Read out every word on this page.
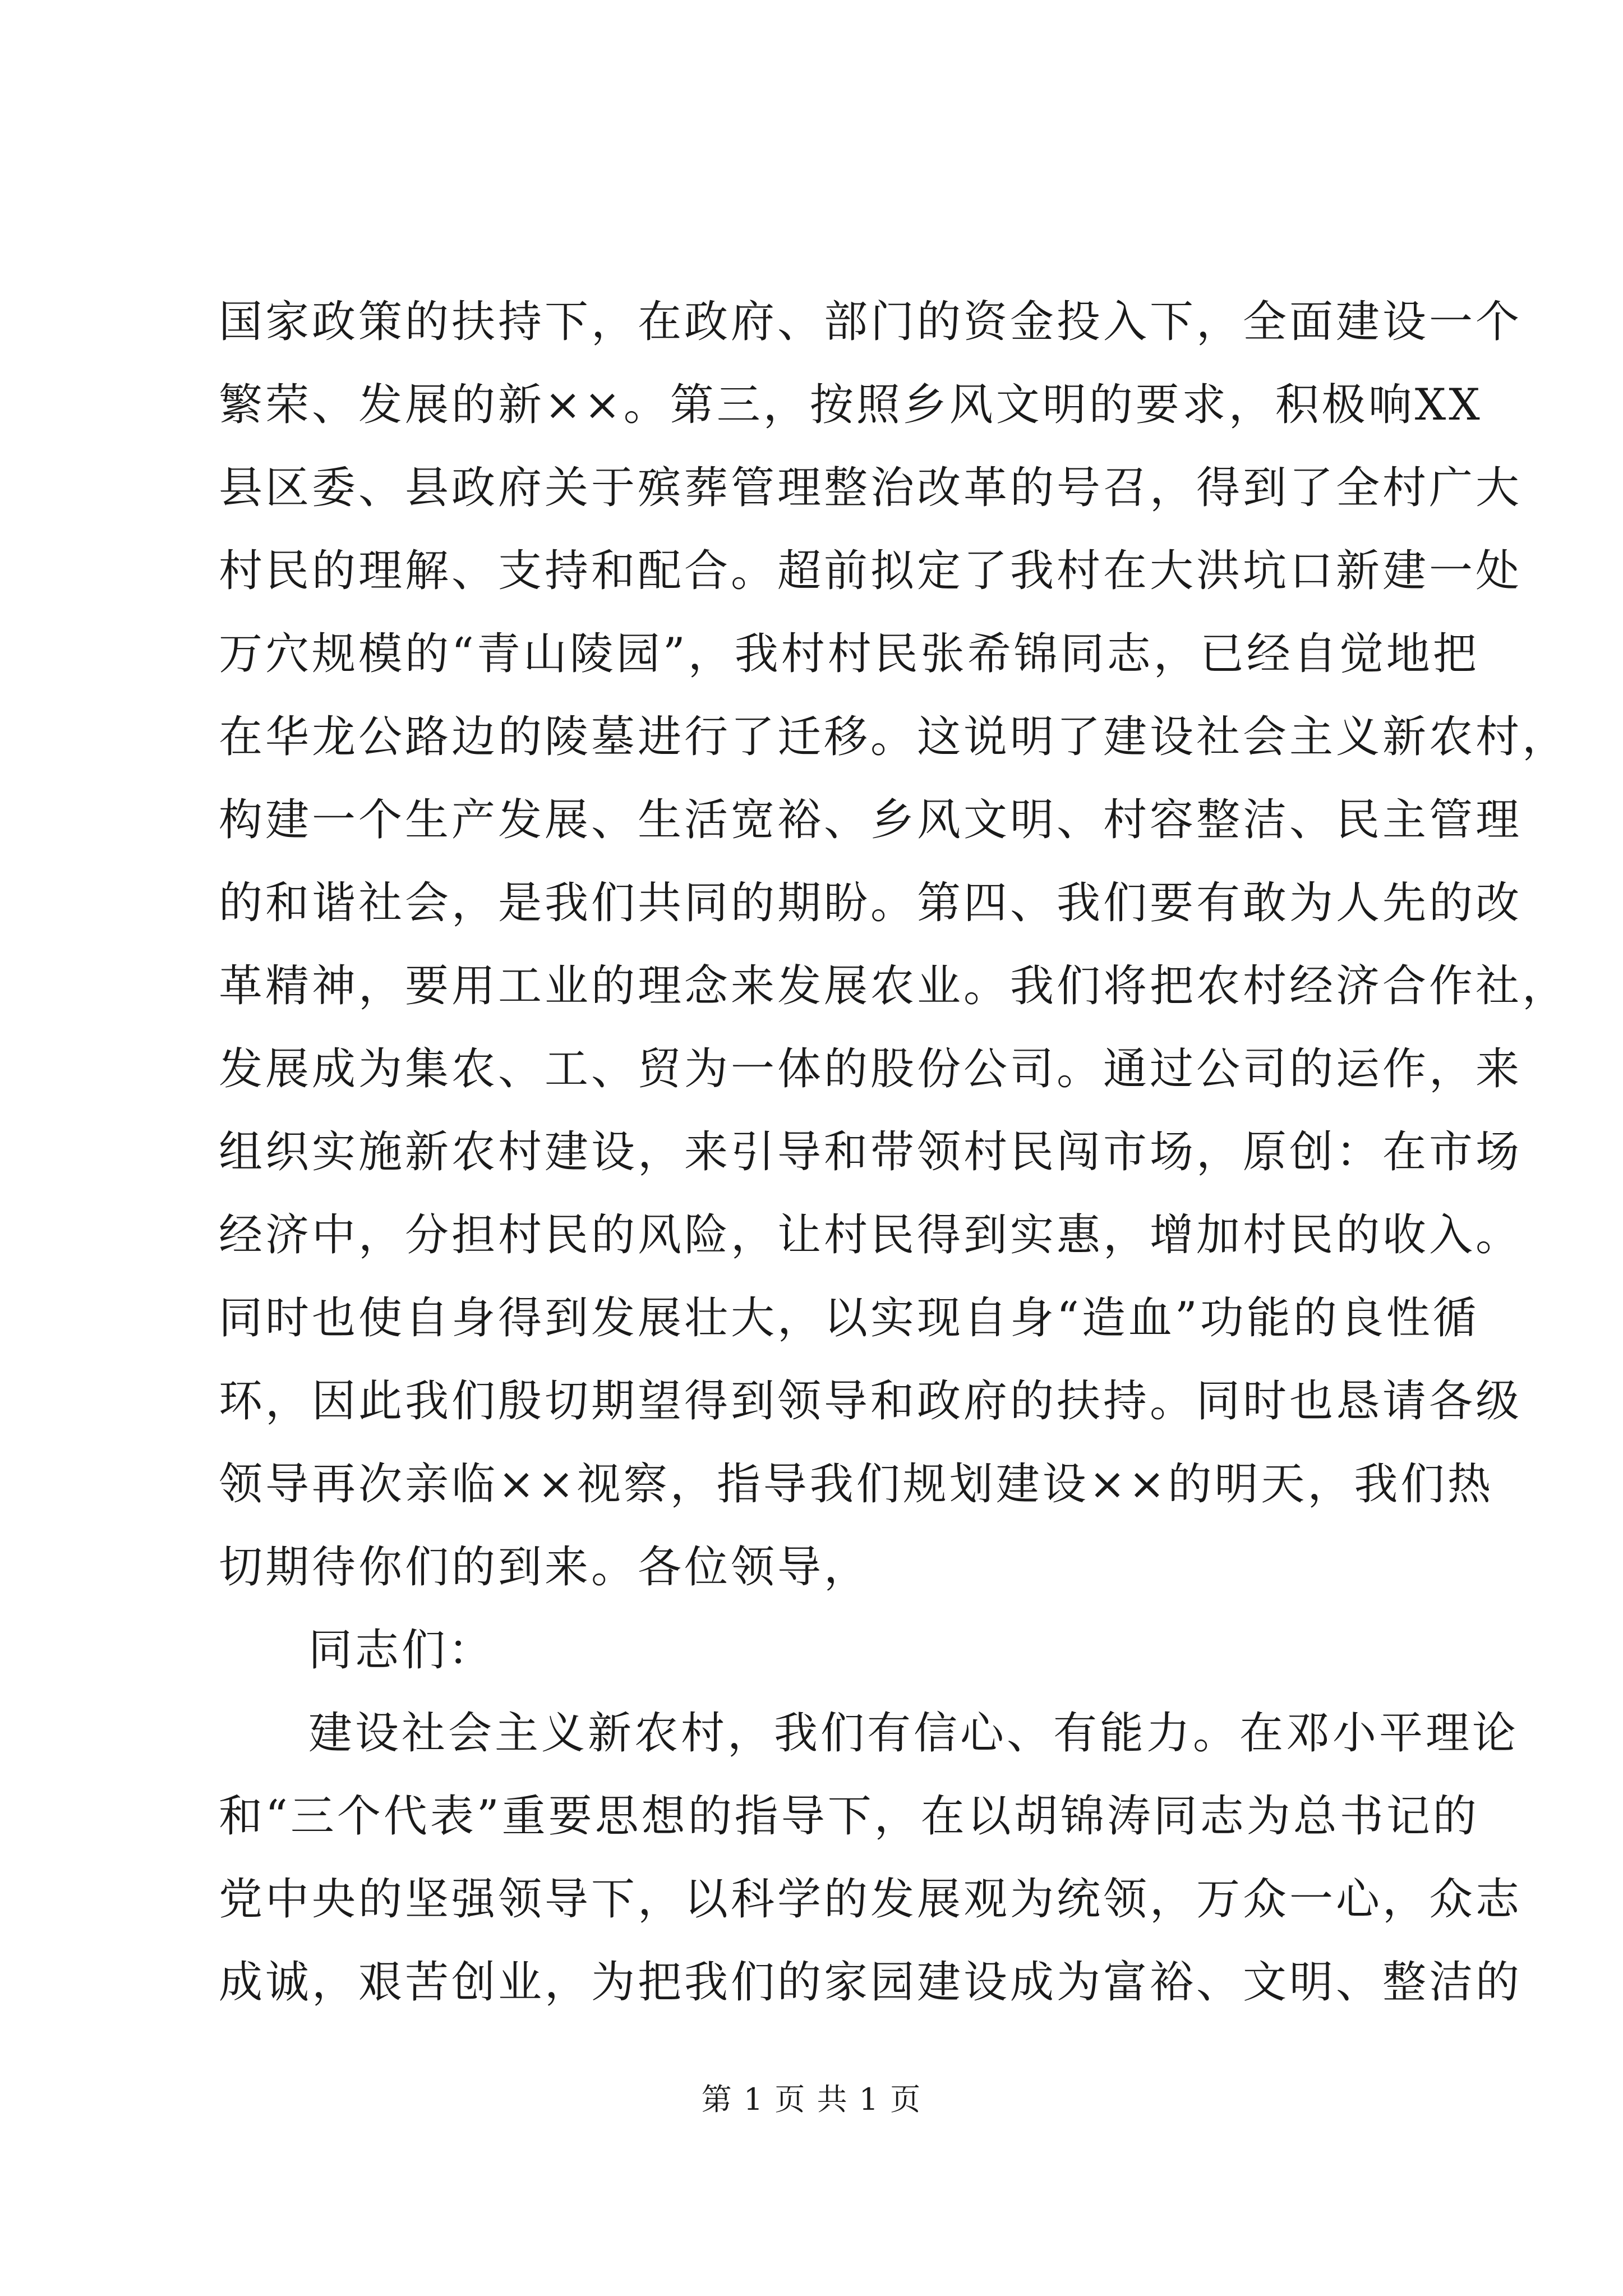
国家政策的扶持下，在政府、部门的资金投入下，全面建设一个
繁荣、发展的新××。第三，按照乡风文明的要求，积极响XX
县区委、县政府关于殡葬管理整治改革的号召，得到了全村广大
村民的理解、支持和配合。超前拟定了我村在大洪坑口新建一处
万穴规模的“青山陵园”，我村村民张希锦同志，已经自觉地把
在华龙公路边的陵墓进行了迁移。这说明了建设社会主义新农村，
构建一个生产发展、生活宽裕、乡风文明、村容整洁、民主管理
的和谐社会，是我们共同的期盼。第四、我们要有敢为人先的改
革精神，要用工业的理念来发展农业。我们将把农村经济合作社，
发展成为集农、工、贸为一体的股份公司。通过公司的运作，来
组织实施新农村建设，来引导和带领村民闯市场，原创：在市场
经济中，分担村民的风险，让村民得到实惠，增加村民的收入。
同时也使自身得到发展壮大，以实现自身“造血”功能的良性循
环，因此我们殷切期望得到领导和政府的扶持。同时也恳请各级
领导再次亲临××视察，指导我们规划建设××的明天，我们热
切期待你们的到来。各位领导，
同志们：
建设社会主义新农村，我们有信心、有能力。在邓小平理论
和“三个代表”重要思想的指导下，在以胡锦涛同志为总书记的
党中央的坚强领导下，以科学的发展观为统领，万众一心，众志
成诚，艰苦创业，为把我们的家园建设成为富裕、文明、整洁的
第 1 页 共 1 页
